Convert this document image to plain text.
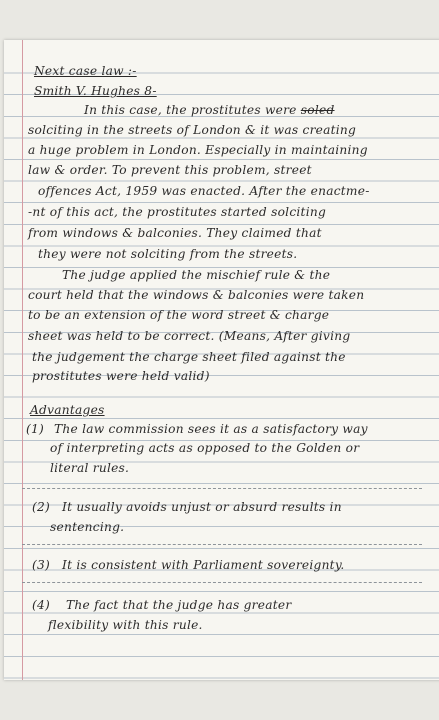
Next case law :-
Smith V. Hughes 8-
In this case, the prostitutes were soled
solciting in the streets of London & it was creating
a huge problem in London. Especially in maintaining
law & order. To prevent this problem, street
offences Act, 1959 was enacted. After the enactme-
-nt of this act, the prostitutes started solciting
from windows & balconies. They claimed that
they were not solciting from the streets.
The judge applied the mischief rule & the
court held that the windows & balconies were taken
to be an extension of the word street & charge
sheet was held to be correct. (Means, After giving
the judgement the charge sheet filed against the
prostitutes were held valid)
Advantages
(1) The law commission sees it as a satisfactory way
of interpreting acts as opposed to the Golden or
literal rules.
(2) It usually avoids unjust or absurd results in
sentencing.
(3) It is consistent with Parliament sovereignty.
(4) The fact that the judge has greater
flexibility with this rule.
